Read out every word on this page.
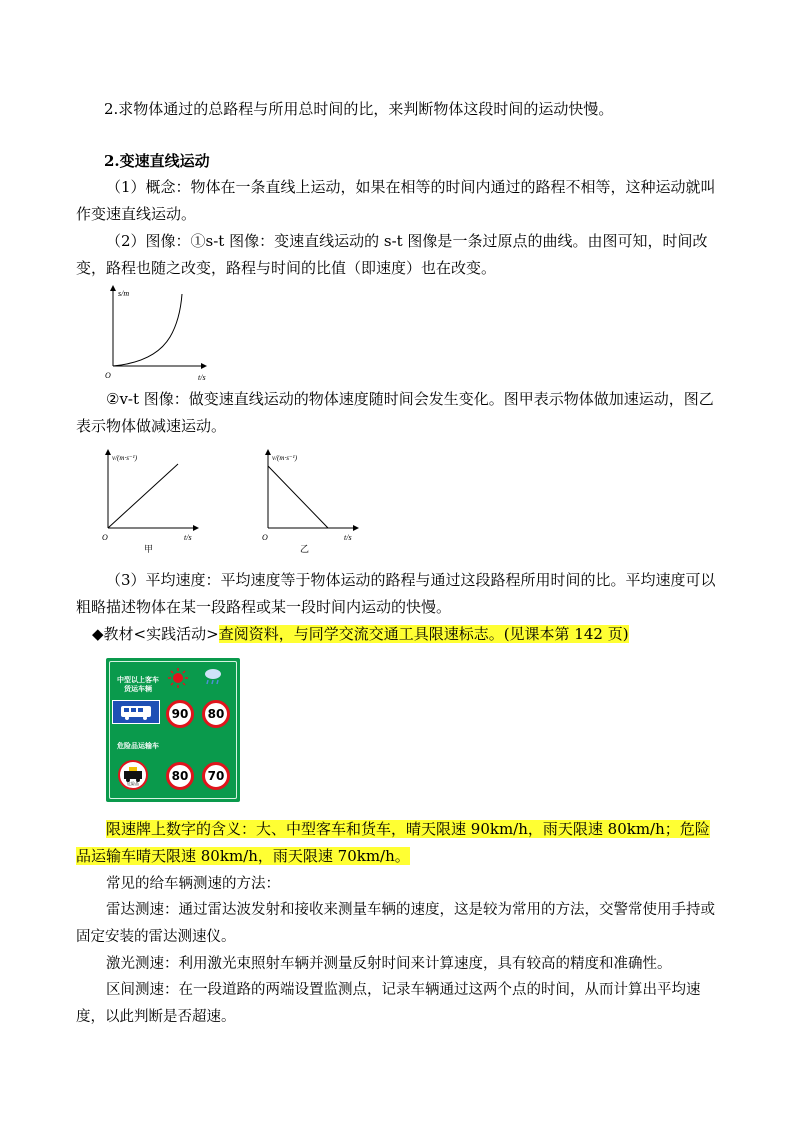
2.求物体通过的总路程与所用总时间的比，来判断物体这段时间的运动快慢。

2.变速直线运动

（1）概念：物体在一条直线上运动，如果在相等的时间内通过的路程不相等，这种运动就叫作变速直线运动。

（2）图像：①s-t 图像：变速直线运动的 s-t 图像是一条过原点的曲线。由图可知，时间改变，路程也随之改变，路程与时间的比值（即速度）也在改变。

s/m
t/s
O

②v-t 图像：做变速直线运动的物体速度随时间会发生变化。图甲表示物体做加速运动，图乙表示物体做减速运动。

v/(m·s⁻¹)
t/s
O
甲
v/(m·s⁻¹)
t/s
O
乙

（3）平均速度：平均速度等于物体运动的路程与通过这段路程所用时间的比。平均速度可以粗略描述物体在某一段路程或某一段时间内运动的快慢。

◆教材<实践活动>查阅资料，与同学交流交通工具限速标志。(见课本第 142 页)

中型以上客车
货运车辆
90	80
危险品运输车
危险品
80	70

限速牌上数字的含义：大、中型客车和货车，晴天限速 90km/h，雨天限速 80km/h；危险品运输车晴天限速 80km/h，雨天限速 70km/h。

常见的给车辆测速的方法：

雷达测速：通过雷达波发射和接收来测量车辆的速度，这是较为常用的方法，交警常使用手持或固定安装的雷达测速仪。

激光测速：利用激光束照射车辆并测量反射时间来计算速度，具有较高的精度和准确性。

区间测速：在一段道路的两端设置监测点，记录车辆通过这两个点的时间，从而计算出平均速度，以此判断是否超速。
